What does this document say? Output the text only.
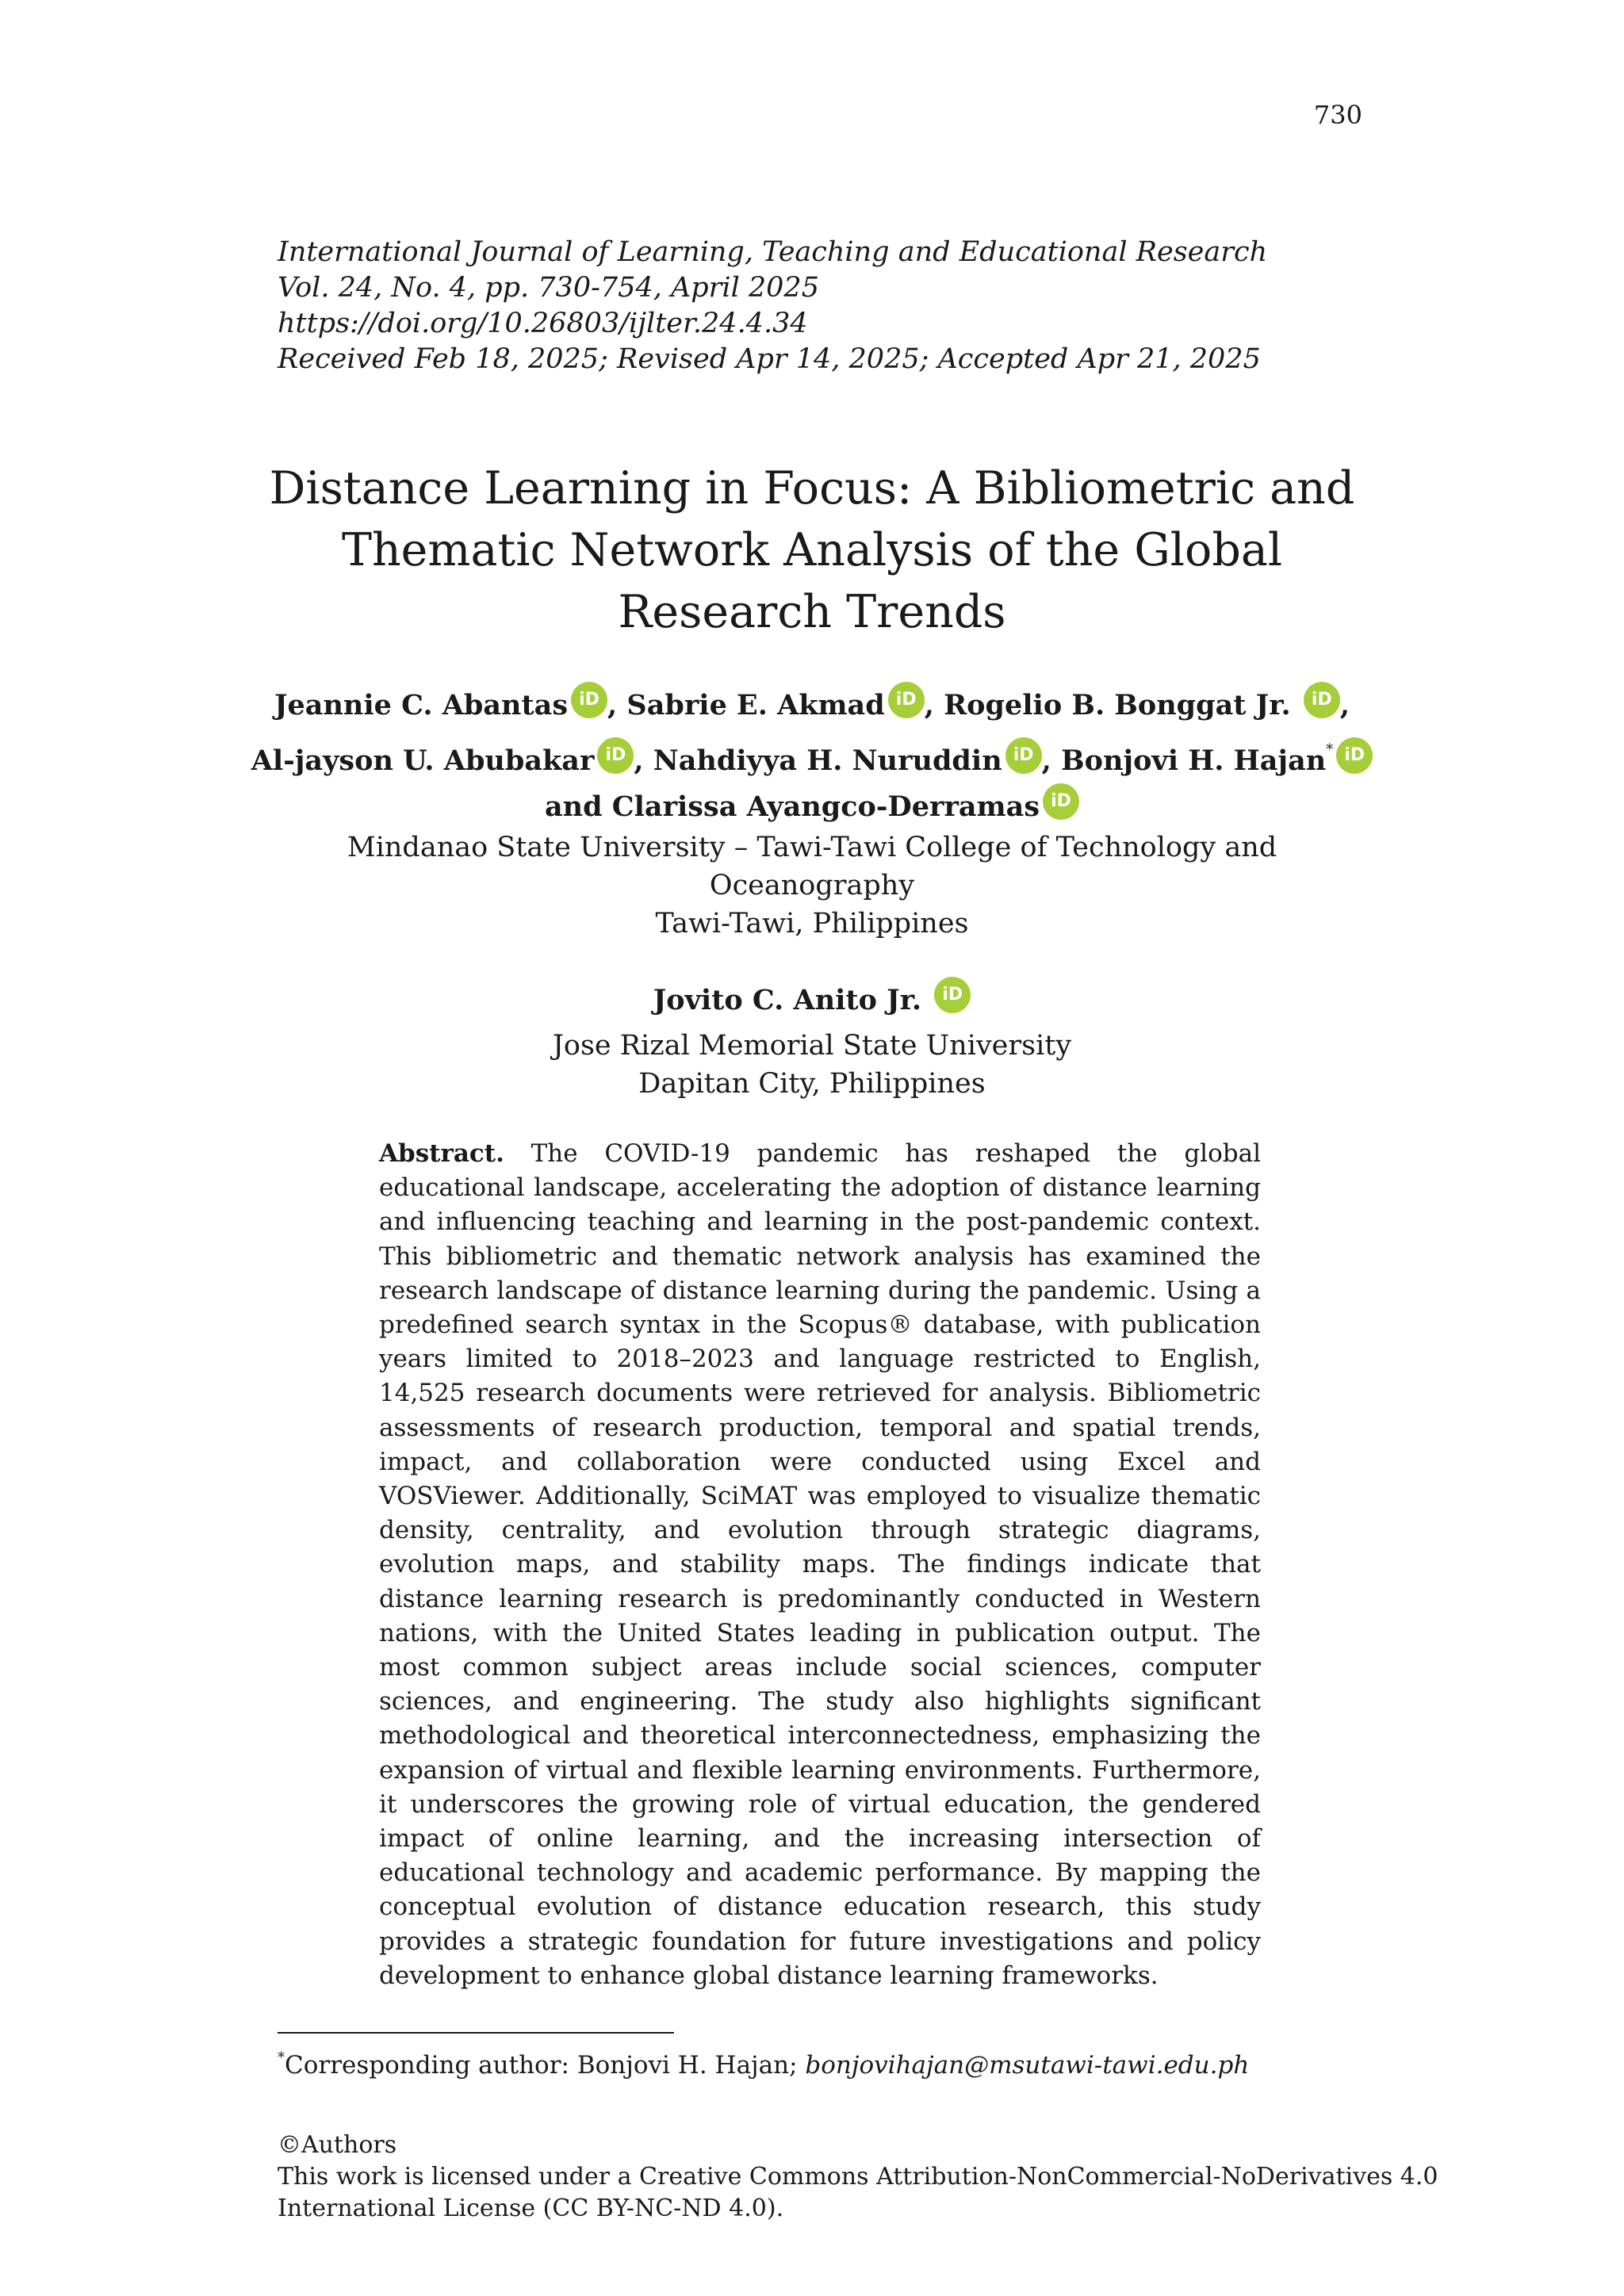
730
International Journal of Learning, Teaching and Educational Research
Vol. 24, No. 4, pp. 730-754, April 2025
https://doi.org/10.26803/ijlter.24.4.34
Received Feb 18, 2025; Revised Apr 14, 2025; Accepted Apr 21, 2025
Distance Learning in Focus: A Bibliometric and
Thematic Network Analysis of the Global
Research Trends
Jeannie C. Abantas iD , Sabrie E. Akmad iD , Rogelio B. Bonggat Jr. iD ,
Al-jayson U. Abubakar iD , Nahdiyya H. Nuruddin iD , Bonjovi H. Hajan* iD
and Clarissa Ayangco-Derramas iD
Mindanao State University – Tawi-Tawi College of Technology and
Oceanography
Tawi-Tawi, Philippines
Jovito C. Anito Jr. iD
Jose Rizal Memorial State University
Dapitan City, Philippines
Abstract. The COVID-19 pandemic has reshaped the global educational landscape, accelerating the adoption of distance learning and influencing teaching and learning in the post-pandemic context. This bibliometric and thematic network analysis has examined the research landscape of distance learning during the pandemic. Using a predefined search syntax in the Scopus® database, with publication years limited to 2018–2023 and language restricted to English, 14,525 research documents were retrieved for analysis. Bibliometric assessments of research production, temporal and spatial trends, impact, and collaboration were conducted using Excel and VOSViewer. Additionally, SciMAT was employed to visualize thematic density, centrality, and evolution through strategic diagrams, evolution maps, and stability maps. The findings indicate that distance learning research is predominantly conducted in Western nations, with the United States leading in publication output. The most common subject areas include social sciences, computer sciences, and engineering. The study also highlights significant methodological and theoretical interconnectedness, emphasizing the expansion of virtual and flexible learning environments. Furthermore, it underscores the growing role of virtual education, the gendered impact of online learning, and the increasing intersection of educational technology and academic performance. By mapping the conceptual evolution of distance education research, this study provides a strategic foundation for future investigations and policy development to enhance global distance learning frameworks.
*Corresponding author: Bonjovi H. Hajan; bonjovihajan@msutawi-tawi.edu.ph
©Authors
This work is licensed under a Creative Commons Attribution-NonCommercial-NoDerivatives 4.0
International License (CC BY-NC-ND 4.0).
